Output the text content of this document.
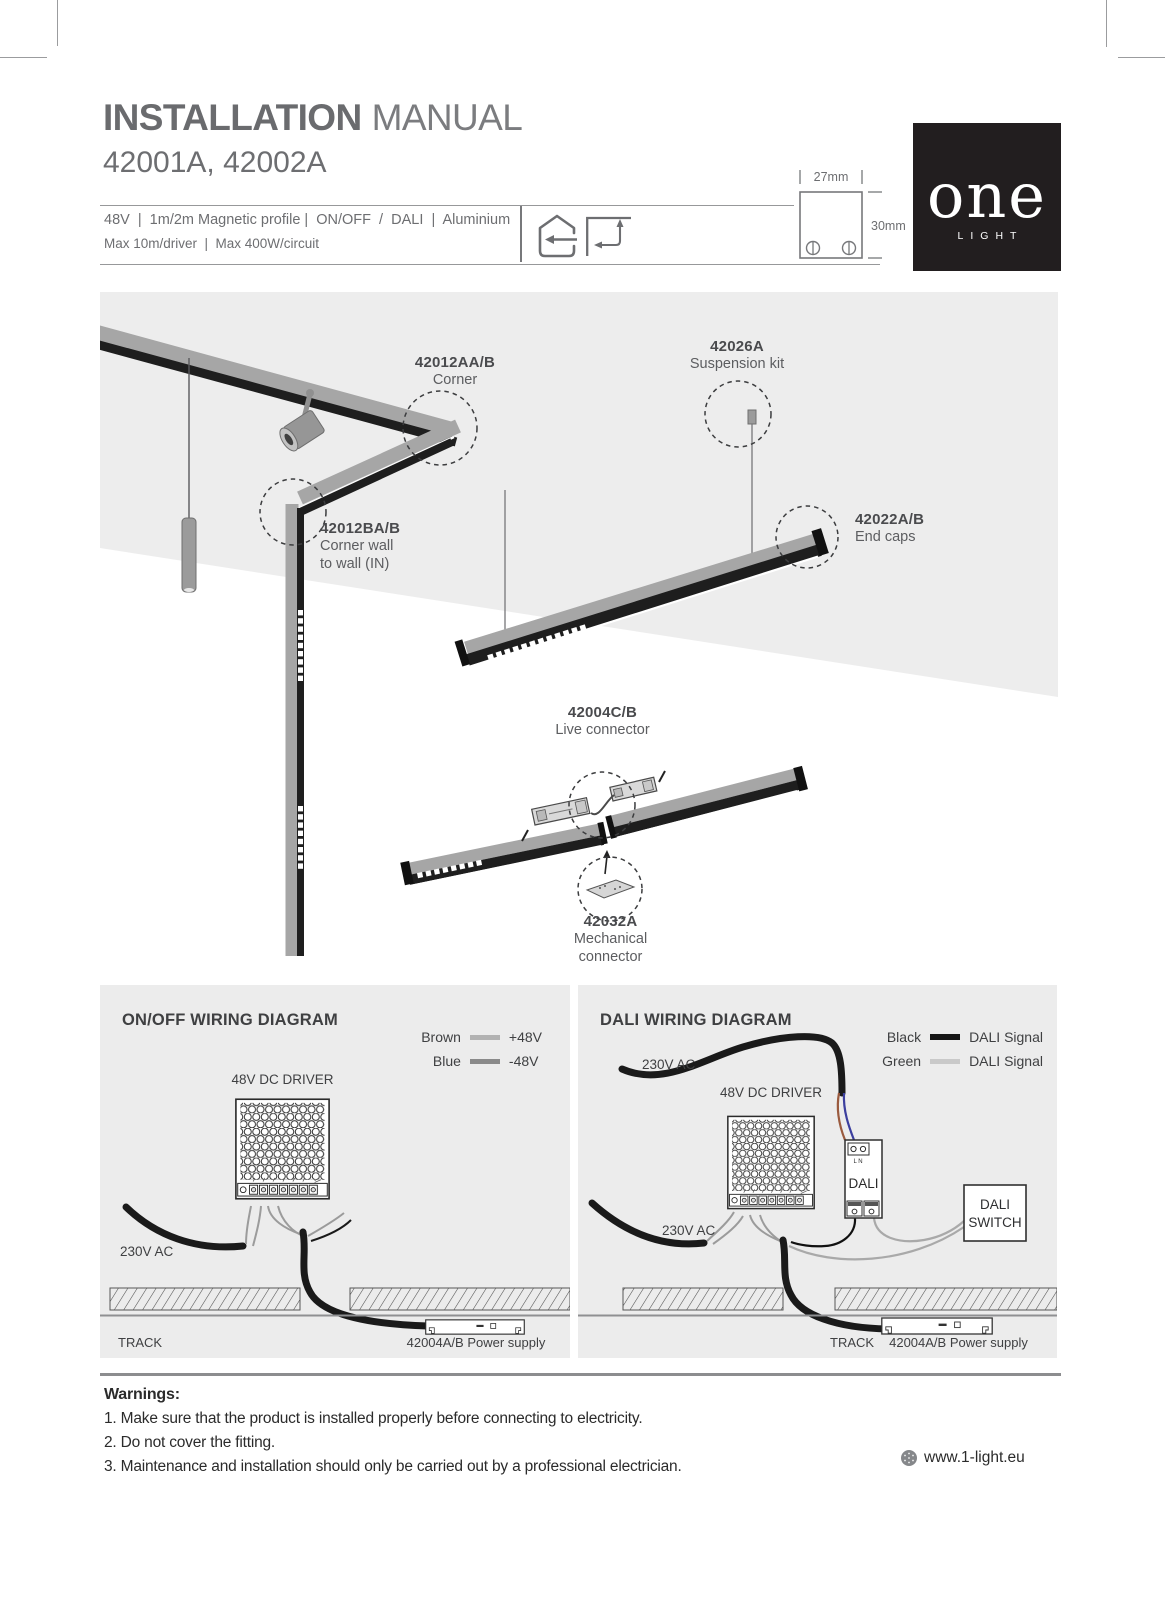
INSTALLATION MANUAL
42001A, 42002A
48V  |  1m/2m Magnetic profile |  ON/OFF  /  DALI  |  Aluminium
Max 10m/driver  |  Max 400W/circuit
27mm
30mm one
LIGHT
42012AA/B
Corner
42026A
Suspension kit
42012BA/B
Corner wall
to wall (IN)
42022A/B
End caps
42004C/B
Live connector
42032A
Mechanical
connector
ON/OFF WIRING DIAGRAM
Brown	+48V
Blue	-48V
48V DC DRIVER
230V AC
TRACK	42004A/B Power supply
L N
DALI
DALI WIRING DIAGRAM
Black	DALI Signal
Green	DALI Signal
230V AC
48V DC DRIVER
230V AC
DALI
SWITCH
TRACK	42004A/B Power supply
Warnings:
1. Make sure that the product is installed properly before connecting to electricity.
2. Do not cover the fitting.
3. Maintenance and installation should only be carried out by a professional electrician.
www.1-light.eu
